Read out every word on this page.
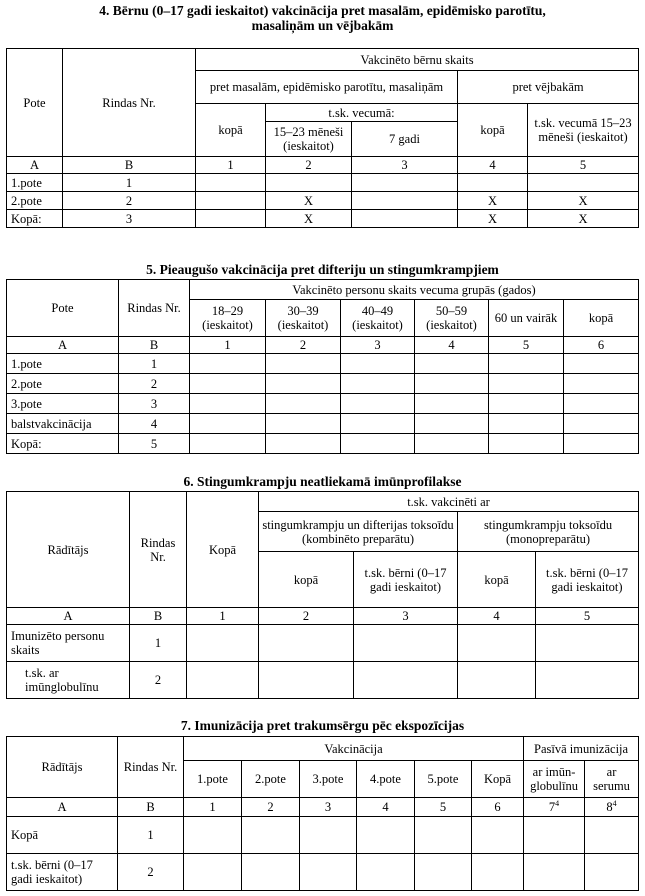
4. Bērnu (0–17 gadi ieskaitot) vakcinācija pret masalām, epidēmisko parotītu, masaliņām un vējbakām
Pote	Rindas Nr.	Vakcinēto bērnu skaits				
		pret masalām, epidēmisko parotītu, masaliņām			pret vējbakām	
		kopā	t.sk. vecumā:		kopā	t.sk. vecumā 15–23 mēneši (ieskaitot)
			15–23 mēneši (ieskaitot)	7 gadi		
A	B	1	2	3	4	5
1.pote	1					
2.pote	2		X		X	X
Kopā:	3		X		X	X
5. Pieaugušo vakcinācija pret difteriju un stingumkrampjiem
Pote	Rindas Nr.	Vakcinēto personu skaits vecuma grupās (gados)					
		18–29 (ieskaitot)	30–39 (ieskaitot)	40–49 (ieskaitot)	50–59 (ieskaitot)	60 un vairāk	kopā
A	B	1	2	3	4	5	6
1.pote	1						
2.pote	2						
3.pote	3						
balstvakcinācija	4						
Kopā:	5						
6. Stingumkrampju neatliekamā imūnprofilakse
Rādītājs	Rindas Nr.	Kopā	t.sk. vakcinēti ar			
			stingumkrampju un difterijas toksoīdu (kombinēto preparātu)		stingumkrampju toksoīdu (monopreparātu)	
			kopā	t.sk. bērni (0–17 gadi ieskaitot)	kopā	t.sk. bērni (0–17 gadi ieskaitot)
A	B	1	2	3	4	5
Imunizēto personu skaits	1					
t.sk. ar imūnglobulīnu	2					
7. Imunizācija pret trakumsērgu pēc ekspozīcijas
Rādītājs	Rindas Nr.	Vakcinācija						Pasīvā imunizācija	
		1.pote	2.pote	3.pote	4.pote	5.pote	Kopā	ar imūn-globulīnu	ar serumu
A	B	1	2	3	4	5	6	$7^4$	$8^4$
Kopā	1								
t.sk. bērni (0–17 gadi ieskaitot)	2								
